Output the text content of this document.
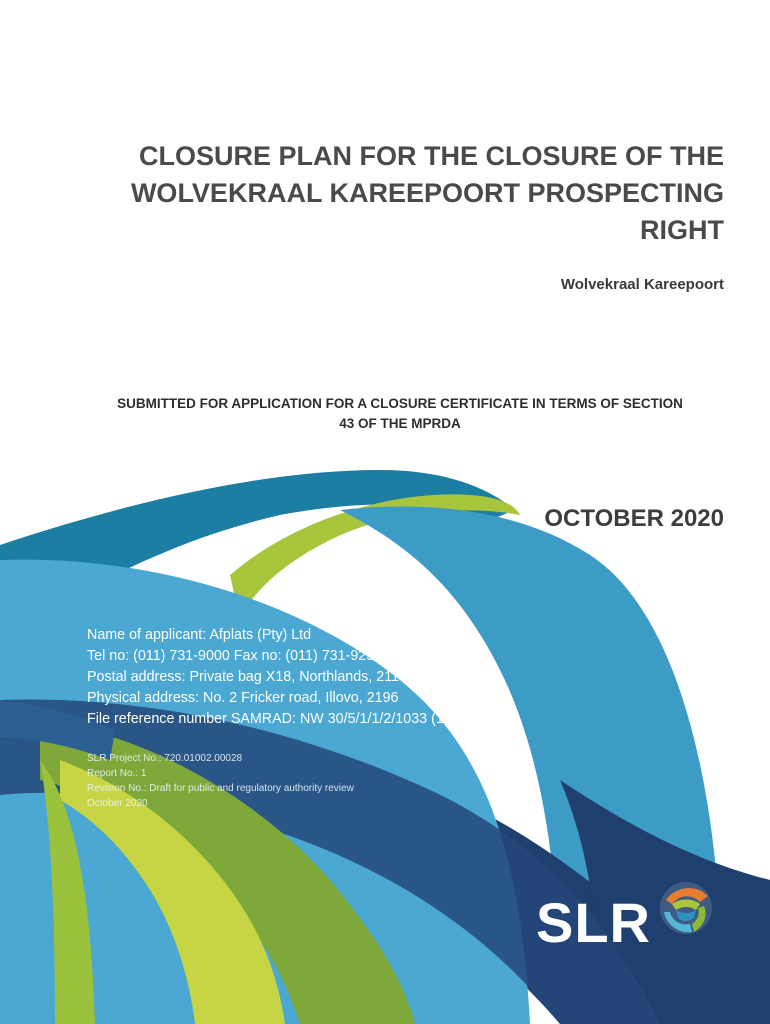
CLOSURE PLAN FOR THE CLOSURE OF THE
WOLVEKRAAL KAREEPOORT PROSPECTING
RIGHT
Wolvekraal Kareepoort
SUBMITTED FOR APPLICATION FOR A CLOSURE CERTIFICATE IN TERMS OF SECTION
43 OF THE MPRDA
OCTOBER 2020
Name of applicant: Afplats (Pty) Ltd
Tel no: (011) 731-9000 Fax no: (011) 731-9254
Postal address: Private bag X18, Northlands, 2116
Physical address: No. 2 Fricker road, Illovo, 2196
File reference number SAMRAD: NW 30/5/1/1/2/1033 (10707) PR
SLR Project No.: 720.01002.00028
Report No.: 1
Revision No.: Draft for public and regulatory authority review
October 2020
SLR
